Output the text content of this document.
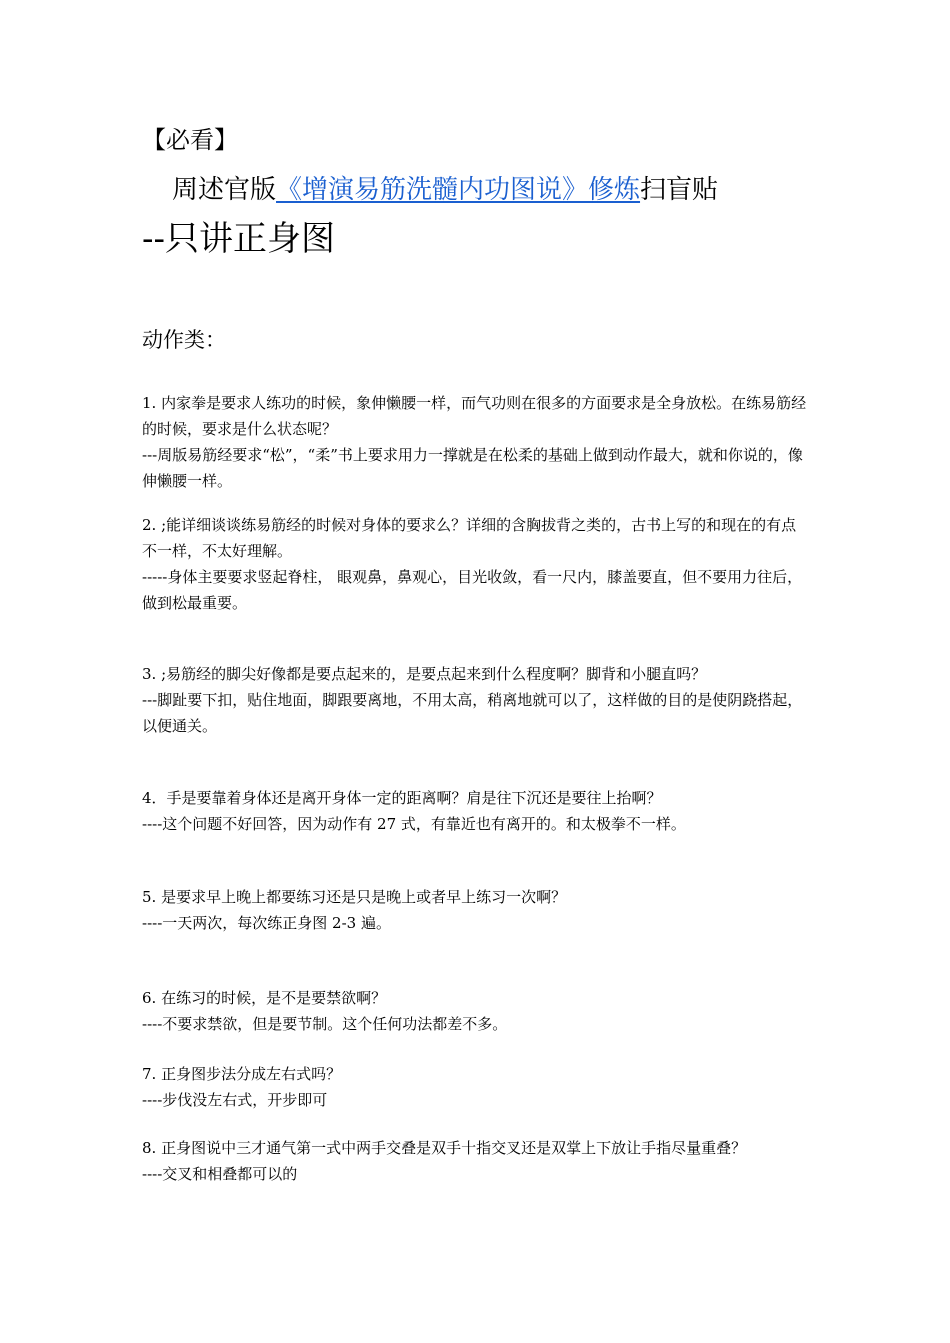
【必看】
周述官版《增演易筋洗髓内功图说》修炼扫盲贴
--只讲正身图
动作类：

1. 内家拳是要求人练功的时候，象伸懒腰一样，而气功则在很多的方面要求是全身放松。在练易筋经的时候，要求是什么状态呢？

---周版易筋经要求“松”，“柔”书上要求用力一撑就是在松柔的基础上做到动作最大，就和你说的，像伸懒腰一样。

2. ;能详细谈谈练易筋经的时候对身体的要求么？详细的含胸拔背之类的，古书上写的和现在的有点不一样，不太好理解。

-----身体主要要求竖起脊柱， 眼观鼻，鼻观心，目光收敛，看一尺内，膝盖要直，但不要用力往后，做到松最重要。

3. ;易筋经的脚尖好像都是要点起来的，是要点起来到什么程度啊？脚背和小腿直吗？

---脚趾要下扣，贴住地面，脚跟要离地，不用太高，稍离地就可以了，这样做的目的是使阴跷搭起，以便通关。

4．手是要靠着身体还是离开身体一定的距离啊？肩是往下沉还是要往上抬啊？

----这个问题不好回答，因为动作有 27 式，有靠近也有离开的。和太极拳不一样。

5. 是要求早上晚上都要练习还是只是晚上或者早上练习一次啊？

----一天两次，每次练正身图 2-3 遍。

6. 在练习的时候，是不是要禁欲啊？

----不要求禁欲，但是要节制。这个任何功法都差不多。

7. 正身图步法分成左右式吗？

----步伐没左右式，开步即可

8. 正身图说中三才通气第一式中两手交叠是双手十指交叉还是双掌上下放让手指尽量重叠？

----交叉和相叠都可以的
